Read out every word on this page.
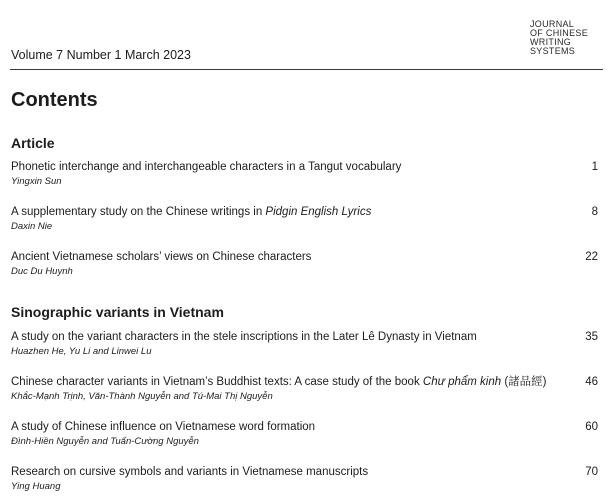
JOURNAL
OF CHINESE
WRITING
SYSTEMS
Volume 7 Number 1 March 2023
Contents
Article
Phonetic interchange and interchangeable characters in a Tangut vocabulary
Yingxin Sun
1
A supplementary study on the Chinese writings in Pidgin English Lyrics
Daxin Nie
8
Ancient Vietnamese scholars’ views on Chinese characters
Duc Du Huynh
22
Sinographic variants in Vietnam
A study on the variant characters in the stele inscriptions in the Later Lê Dynasty in Vietnam
Huazhen He, Yu Li and Linwei Lu
35
Chinese character variants in Vietnam’s Buddhist texts: A case study of the book Chư phẩm kinh (諸品經)
Khắc-Mạnh Trịnh, Văn-Thành Nguyễn and Tú-Mai Thị Nguyễn
46
A study of Chinese influence on Vietnamese word formation
Đình-Hiền Nguyễn and Tuấn-Cường Nguyễn
60
Research on cursive symbols and variants in Vietnamese manuscripts
Ying Huang
70
